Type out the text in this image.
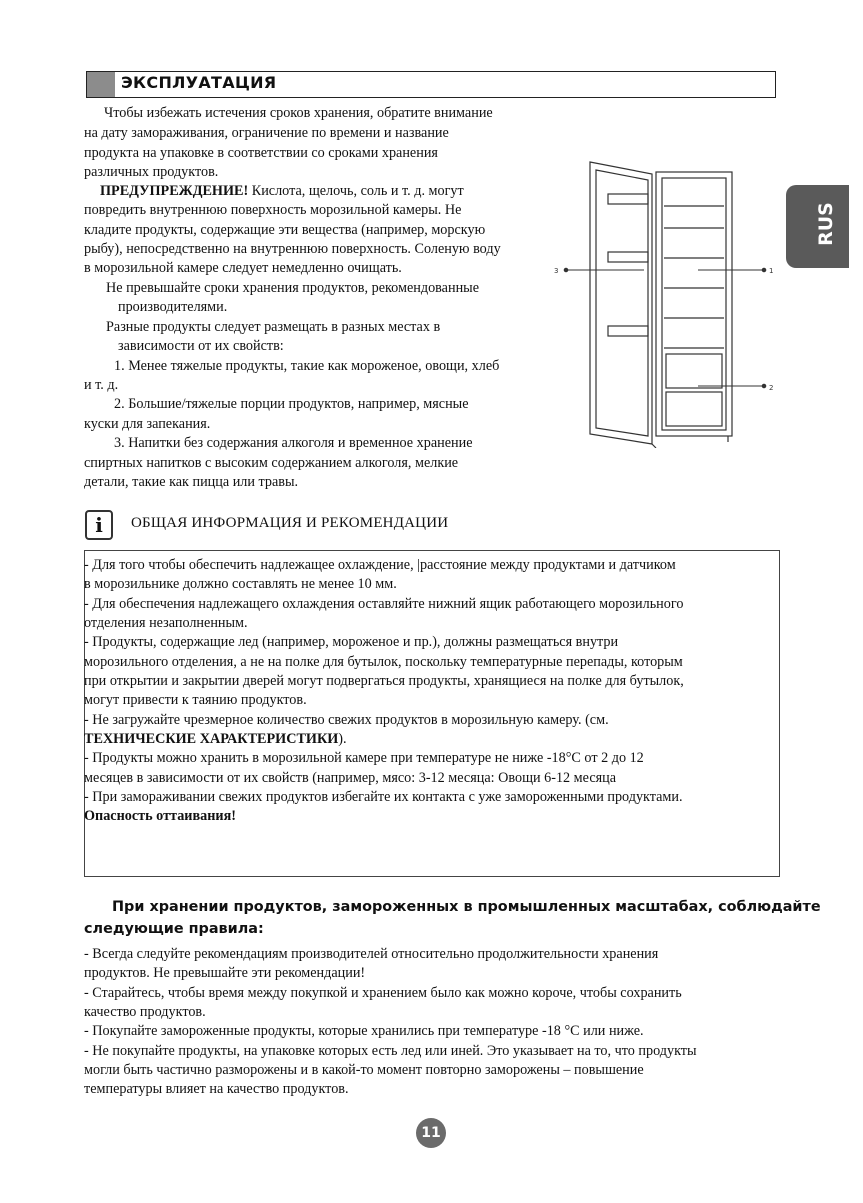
ЭКСПЛУАТАЦИЯ
RUS
Чтобы избежать истечения сроков хранения, обратите внимание
на дату замораживания, ограничение по времени и название
продукта на упаковке в соответствии со сроками хранения
различных продуктов.
ПРЕДУПРЕЖДЕНИЕ! Кислота, щелочь, соль и т. д. могут
повредить внутреннюю поверхность морозильной камеры. Не
кладите продукты, содержащие эти вещества (например, морскую
рыбу), непосредственно на внутреннюю поверхность. Соленую воду
в морозильной камере следует немедленно очищать.
Не превышайте сроки хранения продуктов, рекомендованные
производителями.
Разные продукты следует размещать в разных местах в
зависимости от их свойств:
1. Менее тяжелые продукты, такие как мороженое, овощи, хлеб
и т. д.
2. Большие/тяжелые порции продуктов, например, мясные
куски для запекания.
3. Напитки без содержания алкоголя и временное хранение
спиртных напитков с высоким содержанием алкоголя, мелкие
детали, такие как пицца или травы.
3	1
2
i	ОБЩАЯ ИНФОРМАЦИЯ И РЕКОМЕНДАЦИИ
- Для того чтобы обеспечить надлежащее охлаждение, |расстояние между продуктами и датчиком
в морозильнике должно составлять не менее 10 мм.
- Для обеспечения надлежащего охлаждения оставляйте нижний ящик работающего морозильного
отделения незаполненным.
- Продукты, содержащие лед (например, мороженое и пр.), должны размещаться внутри
морозильного отделения, а не на полке для бутылок, поскольку температурные перепады, которым
при открытии и закрытии дверей могут подвергаться продукты, хранящиеся на полке для бутылок,
могут привести к таянию продуктов.
- Не загружайте чрезмерное количество свежих продуктов в морозильную камеру. (см.
ТЕХНИЧЕСКИЕ ХАРАКТЕРИСТИКИ).
- Продукты можно хранить в морозильной камере при температуре не ниже -18°C от 2 до 12
месяцев в зависимости от их свойств (например, мясо: 3-12 месяца: Овощи 6-12 месяца
- При замораживании свежих продуктов избегайте их контакта с уже замороженными продуктами.
Опасность оттаивания!
При хранении продуктов, замороженных в промышленных масштабах, соблюдайте
следующие правила:
- Всегда следуйте рекомендациям производителей относительно продолжительности хранения
продуктов. Не превышайте эти рекомендации!
- Старайтесь, чтобы время между покупкой и хранением было как можно короче, чтобы сохранить
качество продуктов.
- Покупайте замороженные продукты, которые хранились при температуре -18 °С или ниже.
- Не покупайте продукты, на упаковке которых есть лед или иней. Это указывает на то, что продукты
могли быть частично разморожены и в какой-то момент повторно заморожены – повышение
температуры влияет на качество продуктов.
11
